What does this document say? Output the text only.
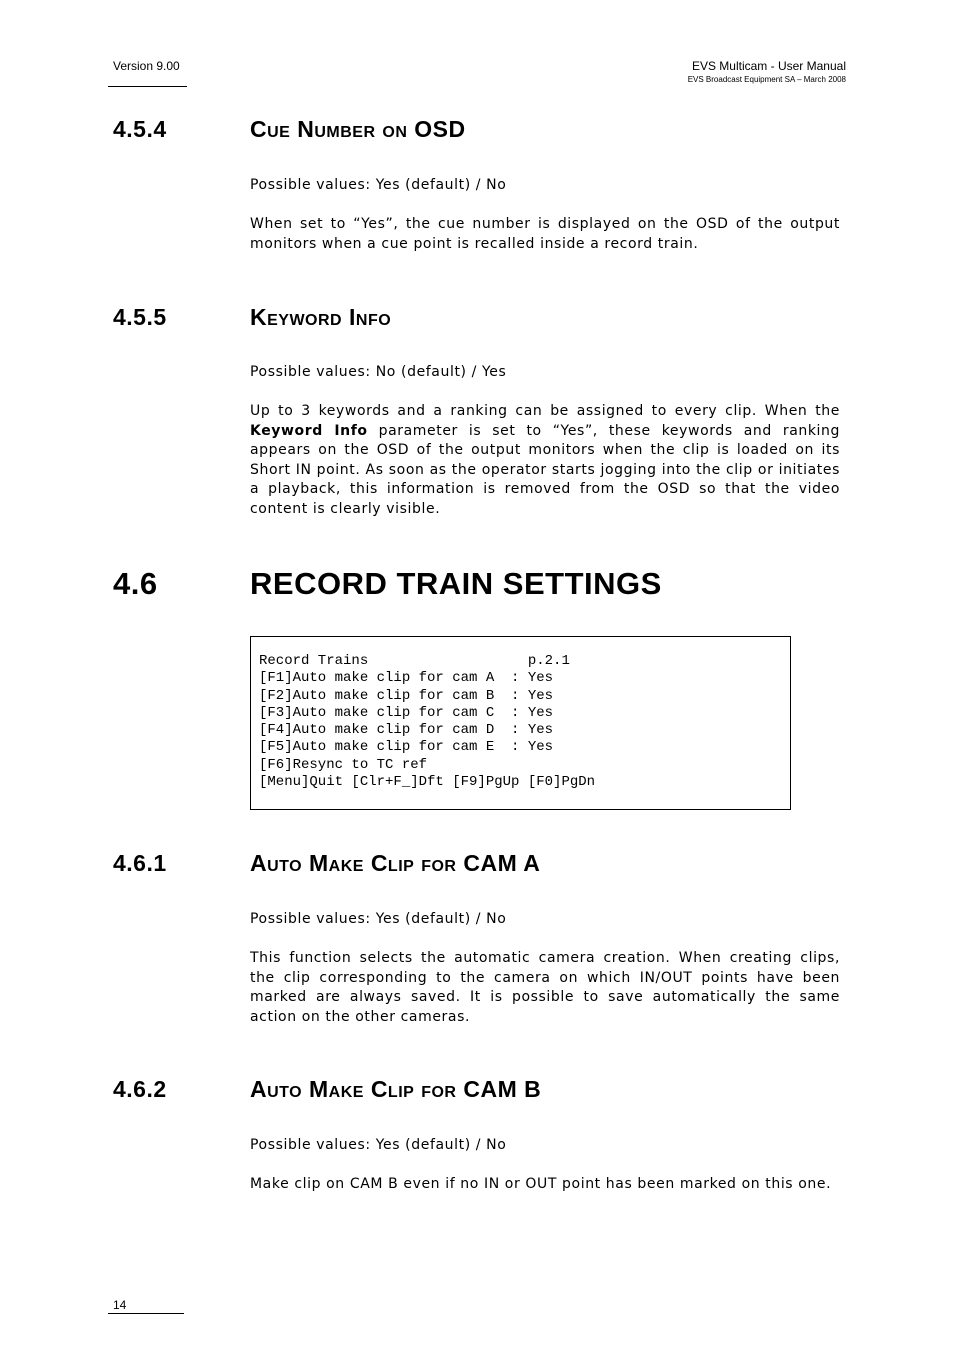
Version 9.00	EVS Multicam - User Manual
EVS Broadcast Equipment SA – March 2008
4.5.4	Cue Number on OSD

Possible values: Yes (default) / No

When set to “Yes”, the cue number is displayed on the OSD of the output monitors when a cue point is recalled inside a record train.

4.5.5	Keyword Info

Possible values: No (default) / Yes

Up to 3 keywords and a ranking can be assigned to every clip. When the Keyword Info parameter is set to “Yes”, these keywords and ranking appears on the OSD of the output monitors when the clip is loaded on its Short IN point. As soon as the operator starts jogging into the clip or initiates a playback, this information is removed from the OSD so that the video content is clearly visible.

4.6	RECORD TRAIN SETTINGS
Record Trains                   p.2.1
[F1]Auto make clip for cam A  : Yes
[F2]Auto make clip for cam B  : Yes
[F3]Auto make clip for cam C  : Yes
[F4]Auto make clip for cam D  : Yes
[F5]Auto make clip for cam E  : Yes
[F6]Resync to TC ref
[Menu]Quit [Clr+F_]Dft [F9]PgUp [F0]PgDn
4.6.1	Auto Make Clip for CAM A

Possible values: Yes (default) / No

This function selects the automatic camera creation. When creating clips, the clip corresponding to the camera on which IN/OUT points have been marked are always saved. It is possible to save automatically the same action on the other cameras.

4.6.2	Auto Make Clip for CAM B

Possible values: Yes (default) / No

Make clip on CAM B even if no IN or OUT point has been marked on this one.

14
